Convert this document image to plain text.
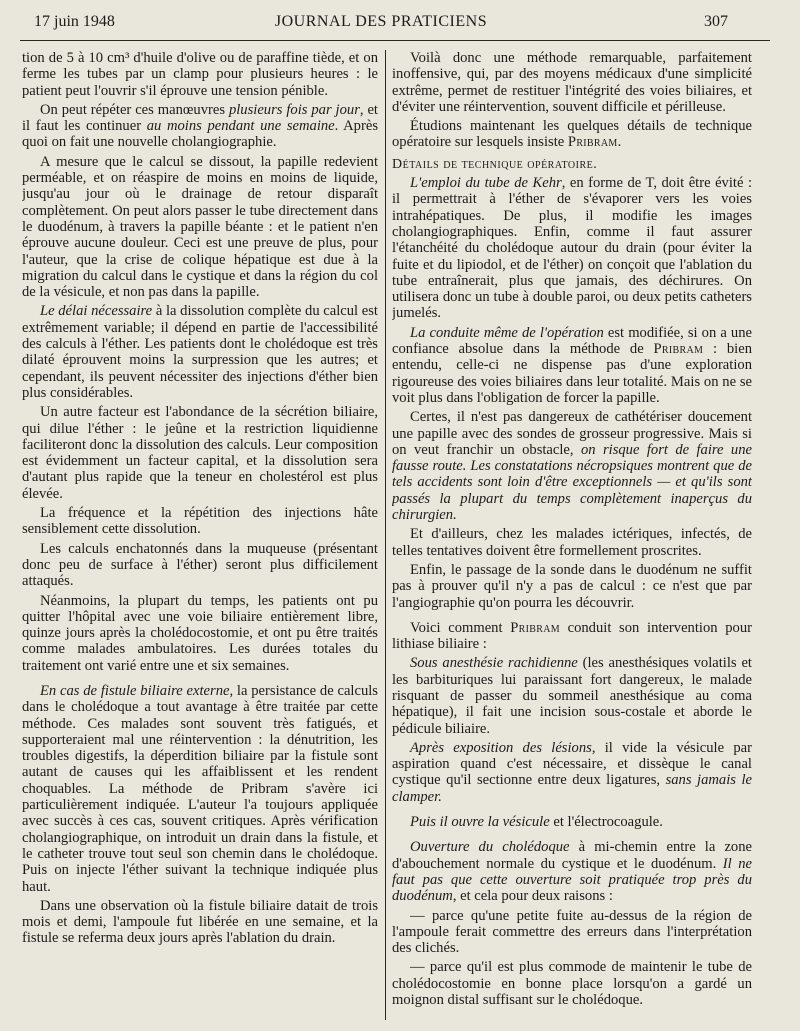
17 juin 1948	JOURNAL DES PRATICIENS	307

tion de 5 à 10 cm³ d'huile d'olive ou de paraffine tiède, et on ferme les tubes par un clamp pour plusieurs heures : le patient peut l'ouvrir s'il éprouve une tension pénible.

On peut répéter ces manœuvres plusieurs fois par jour, et il faut les continuer au moins pendant une semaine. Après quoi on fait une nouvelle cholangiographie.

A mesure que le calcul se dissout, la papille redevient perméable, et on réaspire de moins en moins de liquide, jusqu'au jour où le drainage de retour disparaît complètement. On peut alors passer le tube directement dans le duodénum, à travers la papille béante : et le patient n'en éprouve aucune douleur. Ceci est une preuve de plus, pour l'auteur, que la crise de colique hépatique est due à la migration du calcul dans le cystique et dans la région du col de la vésicule, et non pas dans la papille.

Le délai nécessaire à la dissolution complète du calcul est extrêmement variable; il dépend en partie de l'accessibilité des calculs à l'éther. Les patients dont le cholédoque est très dilaté éprouvent moins la surpression que les autres; et cependant, ils peuvent nécessiter des injections d'éther bien plus considérables.

Un autre facteur est l'abondance de la sécrétion biliaire, qui dilue l'éther : le jeûne et la restriction liquidienne faciliteront donc la dissolution des calculs. Leur composition est évidemment un facteur capital, et la dissolution sera d'autant plus rapide que la teneur en cholestérol est plus élevée.

La fréquence et la répétition des injections hâte sensiblement cette dissolution.

Les calculs enchatonnés dans la muqueuse (présentant donc peu de surface à l'éther) seront plus difficilement attaqués.

Néanmoins, la plupart du temps, les patients ont pu quitter l'hôpital avec une voie biliaire entièrement libre, quinze jours après la cholédocostomie, et ont pu être traités comme malades ambulatoires. Les durées totales du traitement ont varié entre une et six semaines.

En cas de fistule biliaire externe, la persistance de calculs dans le cholédoque a tout avantage à être traitée par cette méthode. Ces malades sont souvent très fatigués, et supporteraient mal une réintervention : la dénutrition, les troubles digestifs, la déperdition biliaire par la fistule sont autant de causes qui les affaiblissent et les rendent choquables. La méthode de Pribram s'avère ici particulièrement indiquée. L'auteur l'a toujours appliquée avec succès à ces cas, souvent critiques. Après vérification cholangiographique, on introduit un drain dans la fistule, et le catheter trouve tout seul son chemin dans le cholédoque. Puis on injecte l'éther suivant la technique indiquée plus haut.

Dans une observation où la fistule biliaire datait de trois mois et demi, l'ampoule fut libérée en une semaine, et la fistule se referma deux jours après l'ablation du drain.

Voilà donc une méthode remarquable, parfaitement inoffensive, qui, par des moyens médicaux d'une simplicité extrême, permet de restituer l'intégrité des voies biliaires, et d'éviter une réintervention, souvent difficile et périlleuse.

Étudions maintenant les quelques détails de technique opératoire sur lesquels insiste Pribram.

Détails de technique opératoire.

L'emploi du tube de Kehr, en forme de T, doit être évité : il permettrait à l'éther de s'évaporer vers les voies intrahépatiques. De plus, il modifie les images cholangiographiques. Enfin, comme il faut assurer l'étanchéité du cholédoque autour du drain (pour éviter la fuite et du lipiodol, et de l'éther) on conçoit que l'ablation du tube entraînerait, plus que jamais, des déchirures. On utilisera donc un tube à double paroi, ou deux petits catheters jumelés.

La conduite même de l'opération est modifiée, si on a une confiance absolue dans la méthode de Pribram : bien entendu, celle-ci ne dispense pas d'une exploration rigoureuse des voies biliaires dans leur totalité. Mais on ne se voit plus dans l'obligation de forcer la papille.

Certes, il n'est pas dangereux de cathétériser doucement une papille avec des sondes de grosseur progressive. Mais si on veut franchir un obstacle, on risque fort de faire une fausse route. Les constatations nécropsiques montrent que de tels accidents sont loin d'être exceptionnels — et qu'ils sont passés la plupart du temps complètement inaperçus du chirurgien.

Et d'ailleurs, chez les malades ictériques, infectés, de telles tentatives doivent être formellement proscrites.

Enfin, le passage de la sonde dans le duodénum ne suffit pas à prouver qu'il n'y a pas de calcul : ce n'est que par l'angiographie qu'on pourra les découvrir.

Voici comment Pribram conduit son intervention pour lithiase biliaire :

Sous anesthésie rachidienne (les anesthésiques volatils et les barbituriques lui paraissant fort dangereux, le malade risquant de passer du sommeil anesthésique au coma hépatique), il fait une incision sous-costale et aborde le pédicule biliaire.

Après exposition des lésions, il vide la vésicule par aspiration quand c'est nécessaire, et dissèque le canal cystique qu'il sectionne entre deux ligatures, sans jamais le clamper.

Puis il ouvre la vésicule et l'électrocoagule.

Ouverture du cholédoque à mi-chemin entre la zone d'abouchement normale du cystique et le duodénum. Il ne faut pas que cette ouverture soit pratiquée trop près du duodénum, et cela pour deux raisons :

— parce qu'une petite fuite au-dessus de la région de l'ampoule ferait commettre des erreurs dans l'interprétation des clichés.

— parce qu'il est plus commode de maintenir le tube de cholédocostomie en bonne place lorsqu'on a gardé un moignon distal suffisant sur le cholédoque.
